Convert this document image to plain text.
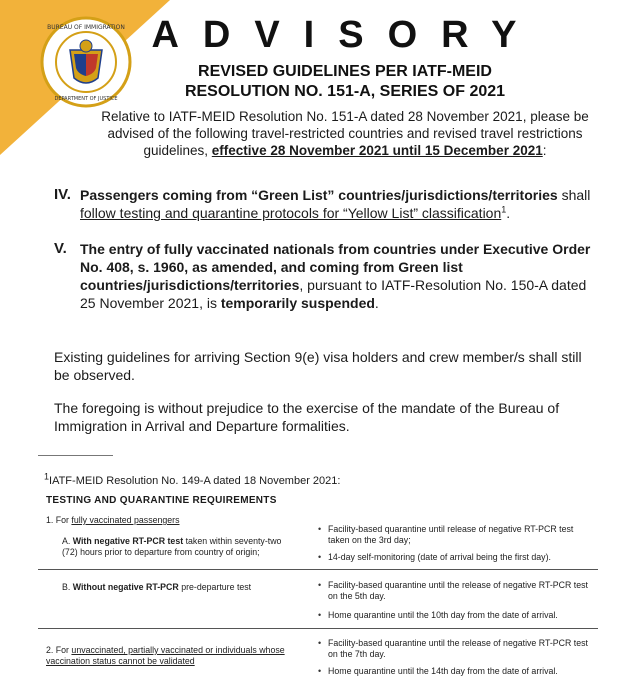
BUREAU OF IMMIGRATION
DEPARTMENT OF JUSTICE
ADVISORY
REVISED GUIDELINES PER IATF-MEID
RESOLUTION NO. 151-A, SERIES OF 2021
Relative to IATF-MEID Resolution No. 151-A dated 28 November 2021, please be advised of the following travel-restricted countries and revised travel restrictions guidelines, effective 28 November 2021 until 15 December 2021:
IV. Passengers coming from “Green List” countries/jurisdictions/territories shall follow testing and quarantine protocols for “Yellow List” classification$^1$.
V. The entry of fully vaccinated nationals from countries under Executive Order No. 408, s. 1960, as amended, and coming from Green list countries/jurisdictions/territories, pursuant to IATF-Resolution No. 150-A dated 25 November 2021, is temporarily suspended.
Existing guidelines for arriving Section 9(e) visa holders and crew member/s shall still be observed.
The foregoing is without prejudice to the exercise of the mandate of the Bureau of Immigration in Arrival and Departure formalities.
$^1$IATF-MEID Resolution No. 149-A dated 18 November 2021:
TESTING AND QUARANTINE REQUIREMENTS
1. For fully vaccinated passengers
A. With negative RT-PCR test taken within seventy-two (72) hours prior to departure from country of origin;
• Facility-based quarantine until release of negative RT-PCR test taken on the 3rd day;
• 14-day self-monitoring (date of arrival being the first day).
B. Without negative RT-PCR pre-departure test	• Facility-based quarantine until the release of negative RT-PCR test on the 5th day.
• Home quarantine until the 10th day from the date of arrival.
2. For unvaccinated, partially vaccinated or individuals whose vaccination status cannot be validated
• Facility-based quarantine until the release of negative RT-PCR test on the 7th day.
• Home quarantine until the 14th day from the date of arrival.
